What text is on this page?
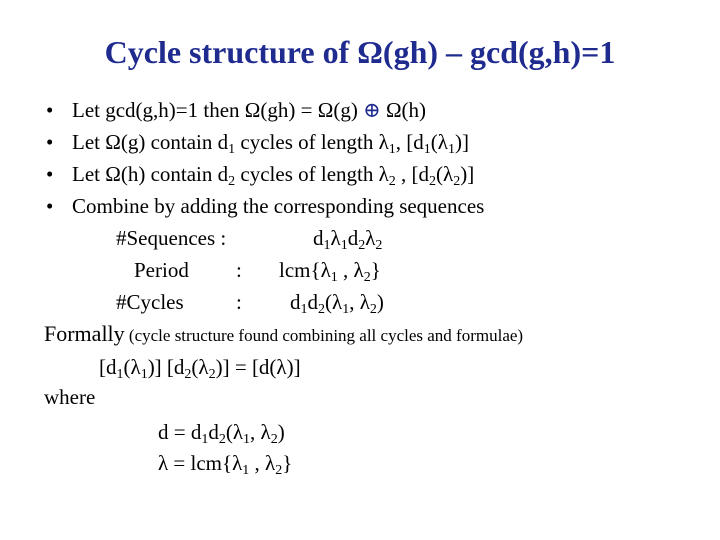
Cycle structure of Ω(gh) – gcd(g,h)=1
• Let gcd(g,h)=1 then Ω(gh) = Ω(g) ⊕ Ω(h)
• Let Ω(g) contain $d_1$ cycles of length $\lambda_1$, $[d_1(\lambda_1)]$
• Let Ω(h) contain $d_2$ cycles of length $\lambda_2$ , $[d_2(\lambda_2)]$
• Combine by adding the corresponding sequences
#Sequences :	$d_1\lambda_1d_2\lambda_2$
Period : $lcm\{\lambda_1$ , $\lambda_2$}
#Cycles : $d_1d_2(\lambda_1$, $\lambda_2$)
Formally (cycle structure found combining all cycles and formulae)
$[d_1(\lambda_1)] [d_2(\lambda_2)] = [d(\lambda)]$
where
$d = d_1d_2(\lambda_1$, $\lambda_2$)
$\lambda = lcm\{\lambda_1$ , $\lambda_2$}
